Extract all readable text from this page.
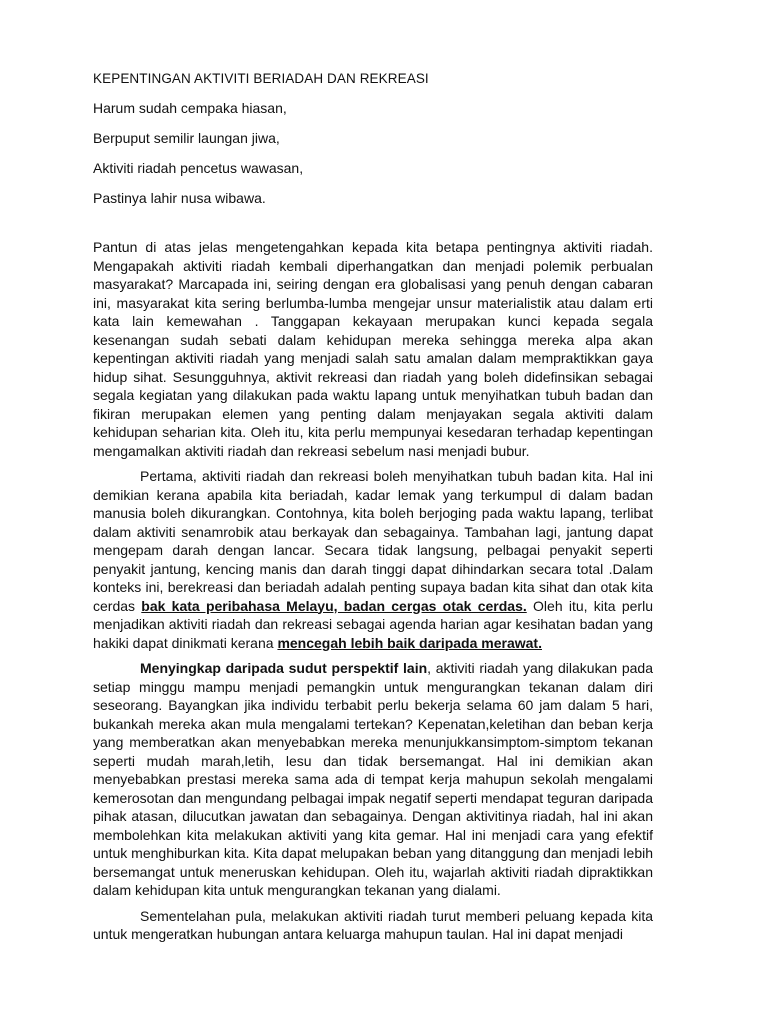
KEPENTINGAN AKTIVITI BERIADAH DAN REKREASI
Harum sudah cempaka hiasan,
Berpuput semilir laungan jiwa,
Aktiviti riadah pencetus wawasan,
Pastinya lahir nusa wibawa.

Pantun di atas jelas mengetengahkan kepada kita betapa pentingnya aktiviti riadah. Mengapakah aktiviti riadah kembali diperhangatkan dan menjadi polemik perbualan masyarakat? Marcapada ini, seiring dengan era globalisasi yang penuh dengan cabaran ini, masyarakat kita sering berlumba-lumba mengejar unsur materialistik atau dalam erti kata lain kemewahan . Tanggapan kekayaan merupakan kunci kepada segala kesenangan sudah sebati dalam kehidupan mereka sehingga mereka alpa akan kepentingan aktiviti riadah yang menjadi salah satu amalan dalam mempraktikkan gaya hidup sihat. Sesungguhnya, aktivit rekreasi dan riadah yang boleh didefinsikan sebagai segala kegiatan yang dilakukan pada waktu lapang untuk menyihatkan tubuh badan dan fikiran merupakan elemen yang penting dalam menjayakan segala aktiviti dalam kehidupan seharian kita. Oleh itu, kita perlu mempunyai kesedaran terhadap kepentingan mengamalkan aktiviti riadah dan rekreasi sebelum nasi menjadi bubur.

Pertama, aktiviti riadah dan rekreasi boleh menyihatkan tubuh badan kita. Hal ini demikian kerana apabila kita beriadah, kadar lemak yang terkumpul di dalam badan manusia boleh dikurangkan. Contohnya, kita boleh berjoging pada waktu lapang, terlibat dalam aktiviti senamrobik atau berkayak dan sebagainya. Tambahan lagi, jantung dapat mengepam darah dengan lancar. Secara tidak langsung, pelbagai penyakit seperti penyakit jantung, kencing manis dan darah tinggi dapat dihindarkan secara total .Dalam konteks ini, berekreasi dan beriadah adalah penting supaya badan kita sihat dan otak kita cerdas bak kata peribahasa Melayu, badan cergas otak cerdas. Oleh itu, kita perlu menjadikan aktiviti riadah dan rekreasi sebagai agenda harian agar kesihatan badan yang hakiki dapat dinikmati kerana mencegah lebih baik daripada merawat.

Menyingkap daripada sudut perspektif lain, aktiviti riadah yang dilakukan pada setiap minggu mampu menjadi pemangkin untuk mengurangkan tekanan dalam diri seseorang. Bayangkan jika individu terbabit perlu bekerja selama 60 jam dalam 5 hari, bukankah mereka akan mula mengalami tertekan? Kepenatan,keletihan dan beban kerja yang memberatkan akan menyebabkan mereka menunjukkansimptom-simptom tekanan seperti mudah marah,letih, lesu dan tidak bersemangat. Hal ini demikian akan menyebabkan prestasi mereka sama ada di tempat kerja mahupun sekolah mengalami kemerosotan dan mengundang pelbagai impak negatif seperti mendapat teguran daripada pihak atasan, dilucutkan jawatan dan sebagainya. Dengan aktivitinya riadah, hal ini akan membolehkan kita melakukan aktiviti yang kita gemar. Hal ini menjadi cara yang efektif untuk menghiburkan kita. Kita dapat melupakan beban yang ditanggung dan menjadi lebih bersemangat untuk meneruskan kehidupan. Oleh itu, wajarlah aktiviti riadah dipraktikkan dalam kehidupan kita untuk mengurangkan tekanan yang dialami.

Sementelahan pula, melakukan aktiviti riadah turut memberi peluang kepada kita untuk mengeratkan hubungan antara keluarga mahupun taulan. Hal ini dapat menjadi
